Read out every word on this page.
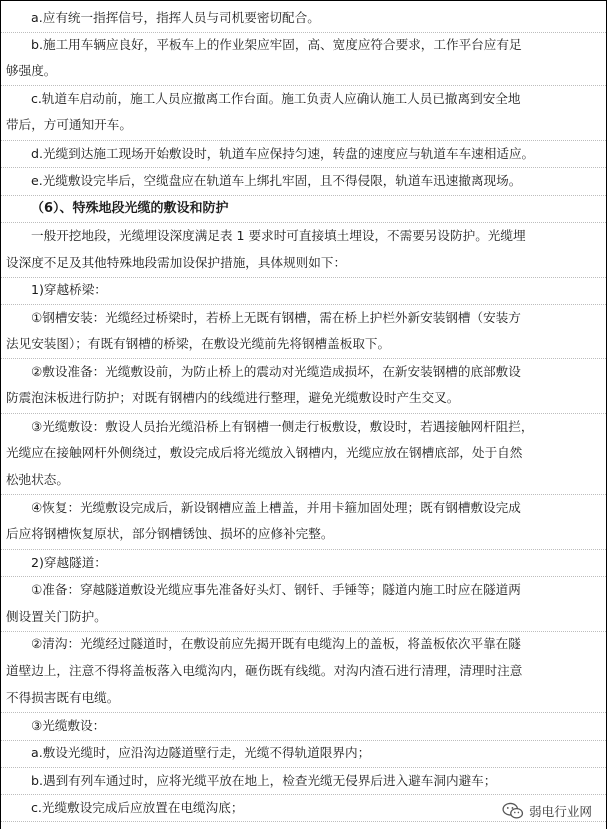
a.应有统一指挥信号，指挥人员与司机要密切配合。
b.施工用车辆应良好，平板车上的作业架应牢固，高、宽度应符合要求，工作平台应有足
够强度。
c.轨道车启动前，施工人员应撤离工作台面。施工负责人应确认施工人员已撤离到安全地
带后，方可通知开车。
d.光缆到达施工现场开始敷设时，轨道车应保持匀速，转盘的速度应与轨道车车速相适应。
e.光缆敷设完毕后，空缆盘应在轨道车上绑扎牢固，且不得侵限，轨道车迅速撤离现场。
（6）、特殊地段光缆的敷设和防护
一般开挖地段，光缆埋设深度满足表 1 要求时可直接填土埋设，不需要另设防护。光缆埋
设深度不足及其他特殊地段需加设保护措施，具体规则如下：
1)穿越桥梁：
①钢槽安装：光缆经过桥梁时，若桥上无既有钢槽，需在桥上护栏外新安装钢槽（安装方
法见安装图）；有既有钢槽的桥梁，在敷设光缆前先将钢槽盖板取下。
②敷设准备：光缆敷设前，为防止桥上的震动对光缆造成损坏，在新安装钢槽的底部敷设
防震泡沫板进行防护；对既有钢槽内的线缆进行整理，避免光缆敷设时产生交叉。
③光缆敷设：敷设人员抬光缆沿桥上有钢槽一侧走行板敷设，敷设时，若遇接触网杆阻拦，
光缆应在接触网杆外侧绕过，敷设完成后将光缆放入钢槽内，光缆应放在钢槽底部，处于自然
松弛状态。
④恢复：光缆敷设完成后，新设钢槽应盖上槽盖，并用卡箍加固处理；既有钢槽敷设完成
后应将钢槽恢复原状，部分钢槽锈蚀、损坏的应修补完整。
2)穿越隧道：
①准备：穿越隧道敷设光缆应事先准备好头灯、钢钎、手锤等；隧道内施工时应在隧道两
侧设置关门防护。
②清沟：光缆经过隧道时，在敷设前应先揭开既有电缆沟上的盖板，将盖板依次平靠在隧
道壁边上，注意不得将盖板落入电缆沟内，砸伤既有线缆。对沟内渣石进行清理，清理时注意
不得损害既有电缆。
③光缆敷设：
a.敷设光缆时，应沿沟边隧道壁行走，光缆不得轨道限界内；
b.遇到有列车通过时，应将光缆平放在地上，检查光缆无侵界后进入避车洞内避车；
c.光缆敷设完成后应放置在电缆沟底；	弱电行业网
